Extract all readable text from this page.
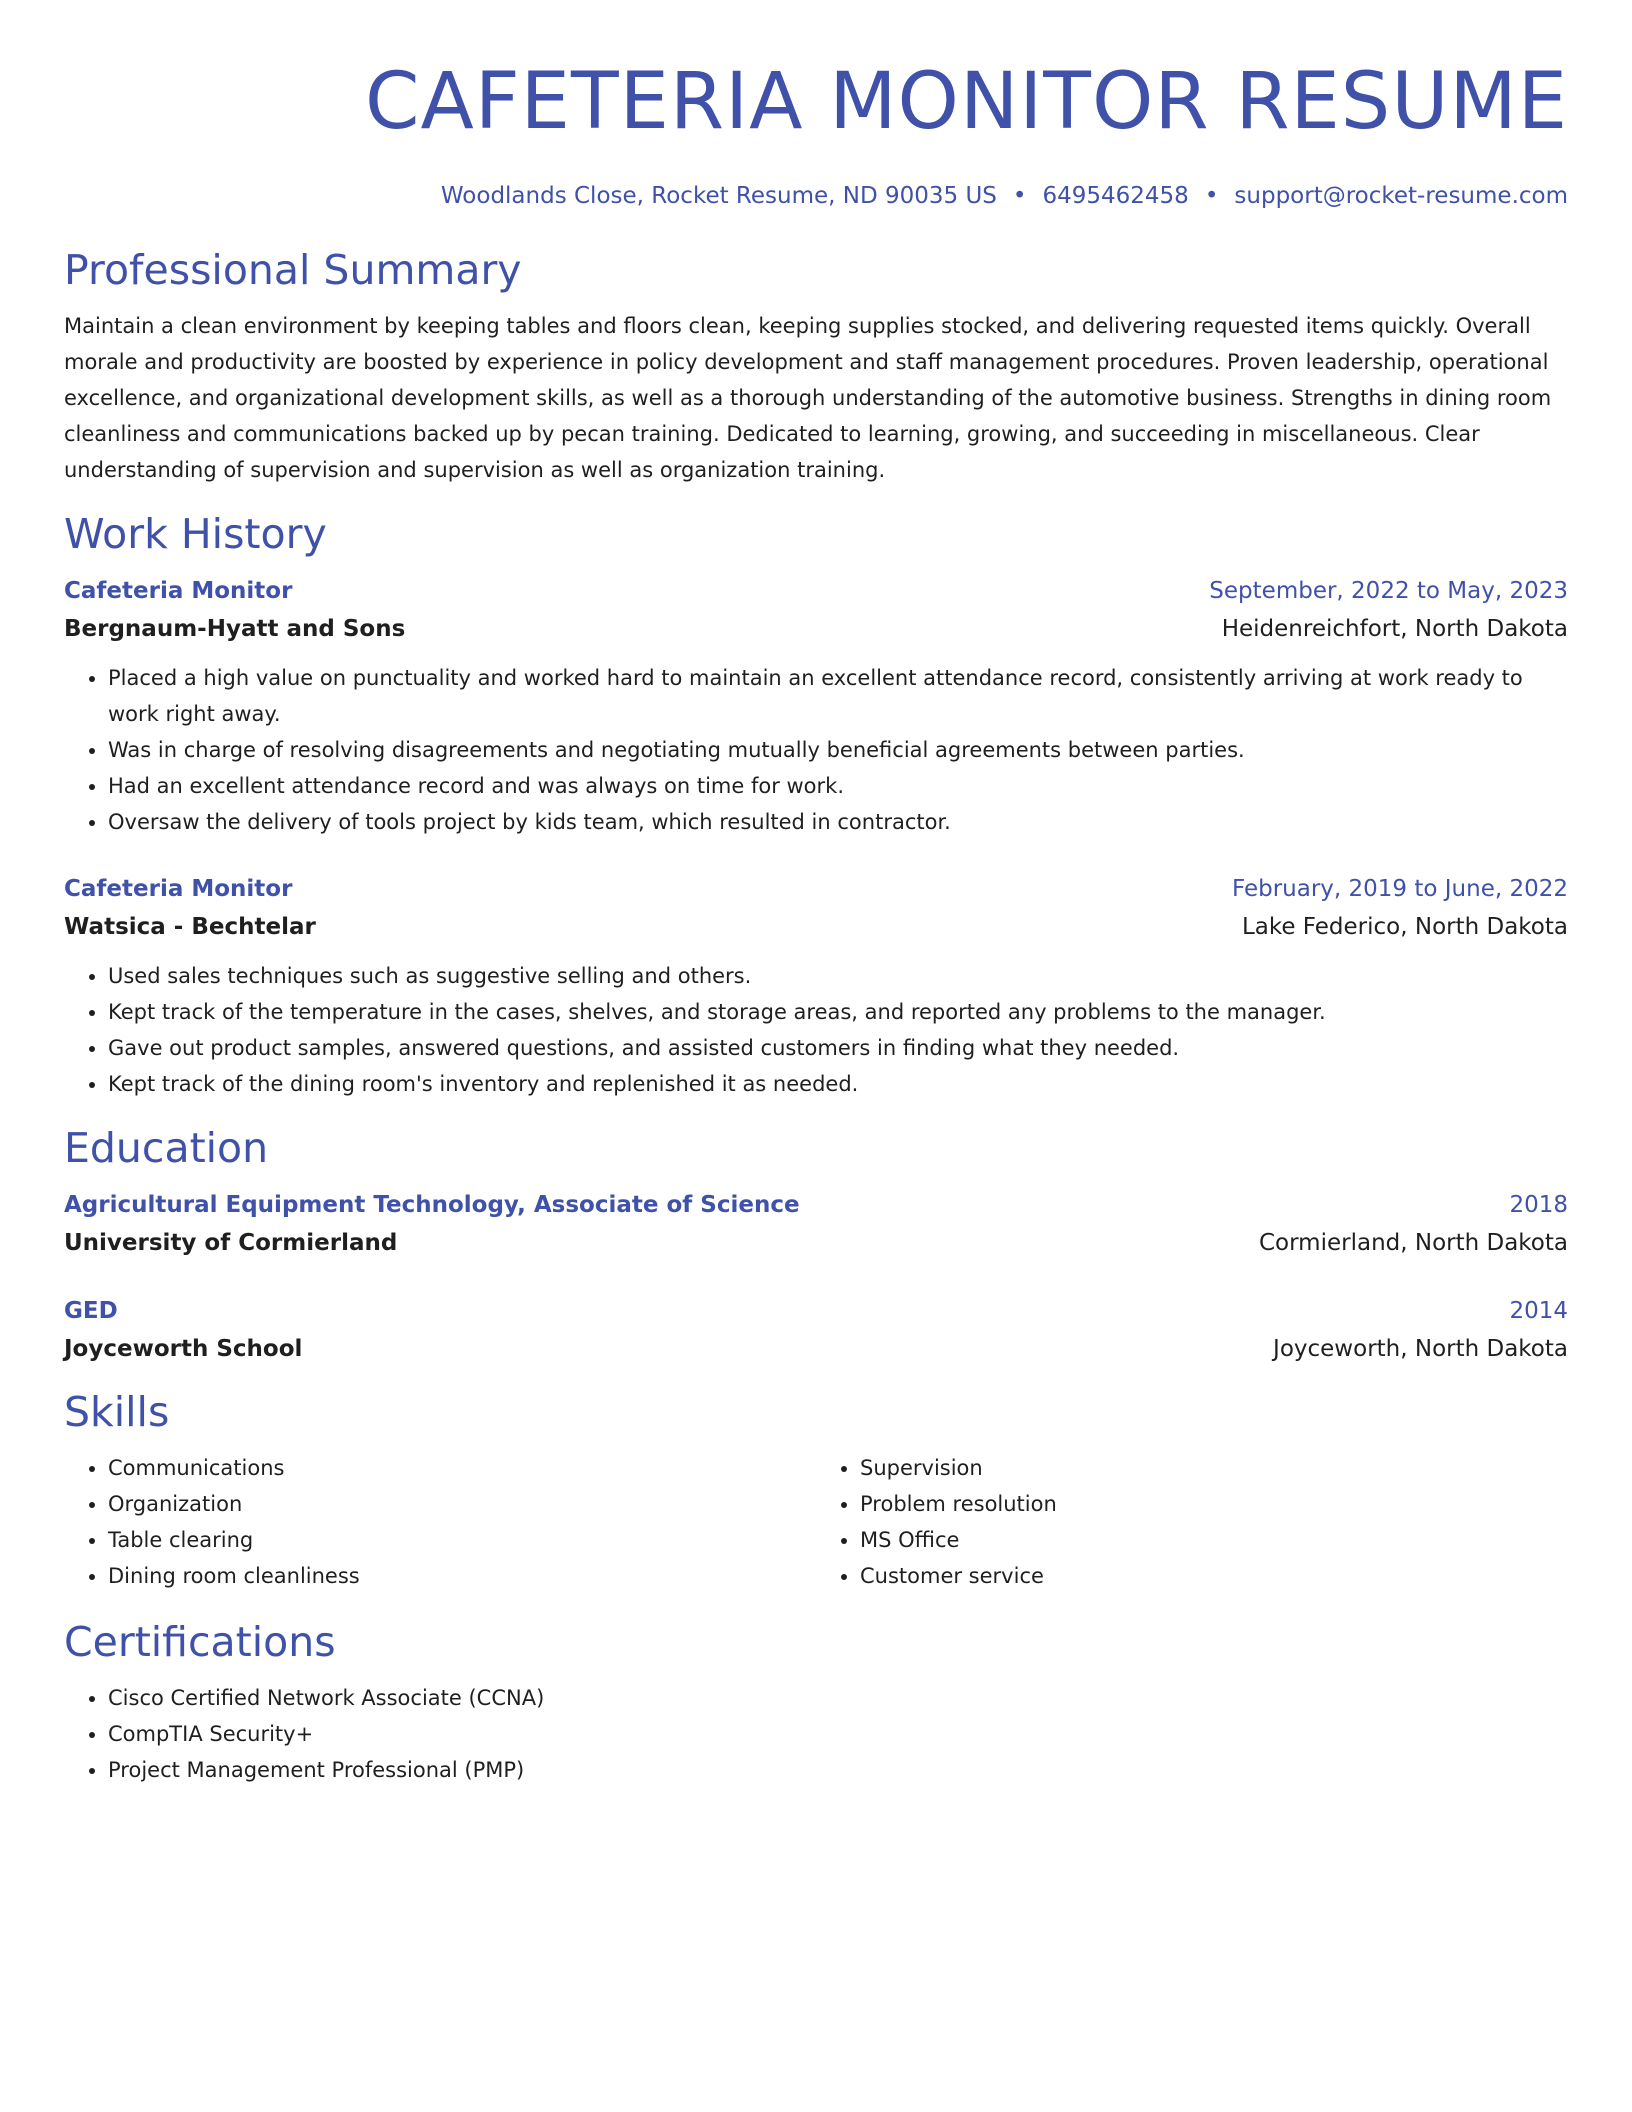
CAFETERIA MONITOR RESUME
Woodlands Close, Rocket Resume, ND 90035 US • 6495462458 • support@rocket-resume.com
Professional Summary

Maintain a clean environment by keeping tables and floors clean, keeping supplies stocked, and delivering requested items quickly. Overall morale and productivity are boosted by experience in policy development and staff management procedures. Proven leadership, operational excellence, and organizational development skills, as well as a thorough understanding of the automotive business. Strengths in dining room cleanliness and communications backed up by pecan training. Dedicated to learning, growing, and succeeding in miscellaneous. Clear understanding of supervision and supervision as well as organization training.

Work History
Cafeteria Monitor	September, 2022 to May, 2023
Bergnaum-Hyatt and Sons	Heidenreichfort, North Dakota
• Placed a high value on punctuality and worked hard to maintain an excellent attendance record, consistently arriving at work ready to work right away.
• Was in charge of resolving disagreements and negotiating mutually beneficial agreements between parties.
• Had an excellent attendance record and was always on time for work.
• Oversaw the delivery of tools project by kids team, which resulted in contractor.
Cafeteria Monitor	February, 2019 to June, 2022
Watsica - Bechtelar	Lake Federico, North Dakota
• Used sales techniques such as suggestive selling and others.
• Kept track of the temperature in the cases, shelves, and storage areas, and reported any problems to the manager.
• Gave out product samples, answered questions, and assisted customers in finding what they needed.
• Kept track of the dining room's inventory and replenished it as needed.
Education
Agricultural Equipment Technology, Associate of Science	2018
University of Cormierland	Cormierland, North Dakota
GED	2014
Joyceworth School	Joyceworth, North Dakota
Skills
• Communications
• Organization
• Table clearing
• Dining room cleanliness
• Supervision
• Problem resolution
• MS Office
• Customer service
Certifications
• Cisco Certified Network Associate (CCNA)
• CompTIA Security+
• Project Management Professional (PMP)
